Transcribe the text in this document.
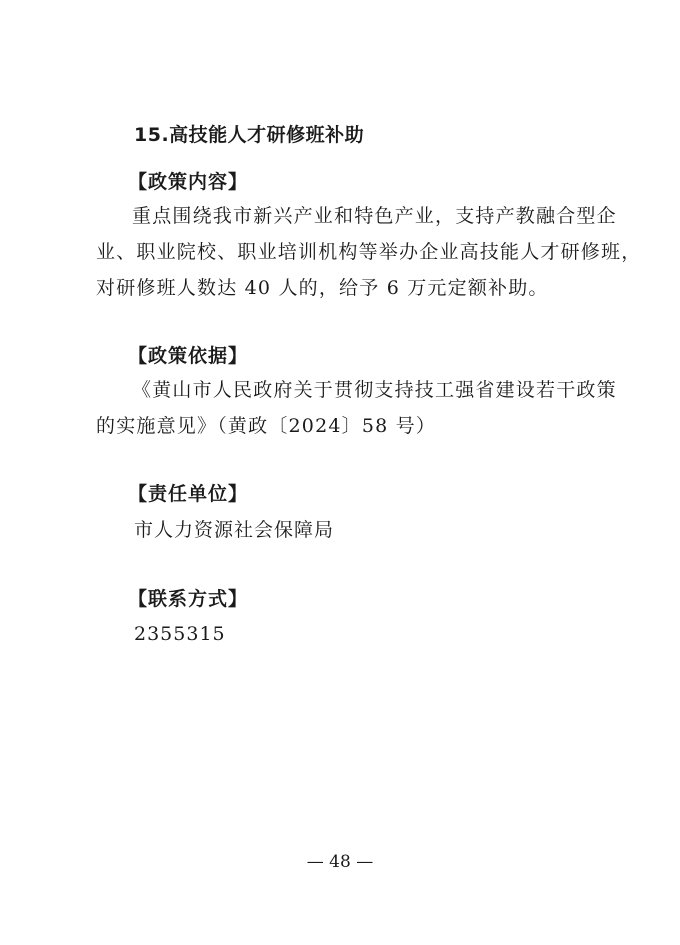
15.高技能人才研修班补助
【政策内容】
重点围绕我市新兴产业和特色产业，支持产教融合型企
业、职业院校、职业培训机构等举办企业高技能人才研修班，
对研修班人数达 40 人的，给予 6 万元定额补助。
【政策依据】
《黄山市人民政府关于贯彻支持技工强省建设若干政策
的实施意见》（黄政〔2024〕58 号）
【责任单位】
市人力资源社会保障局
【联系方式】
2355315
— 48 —
